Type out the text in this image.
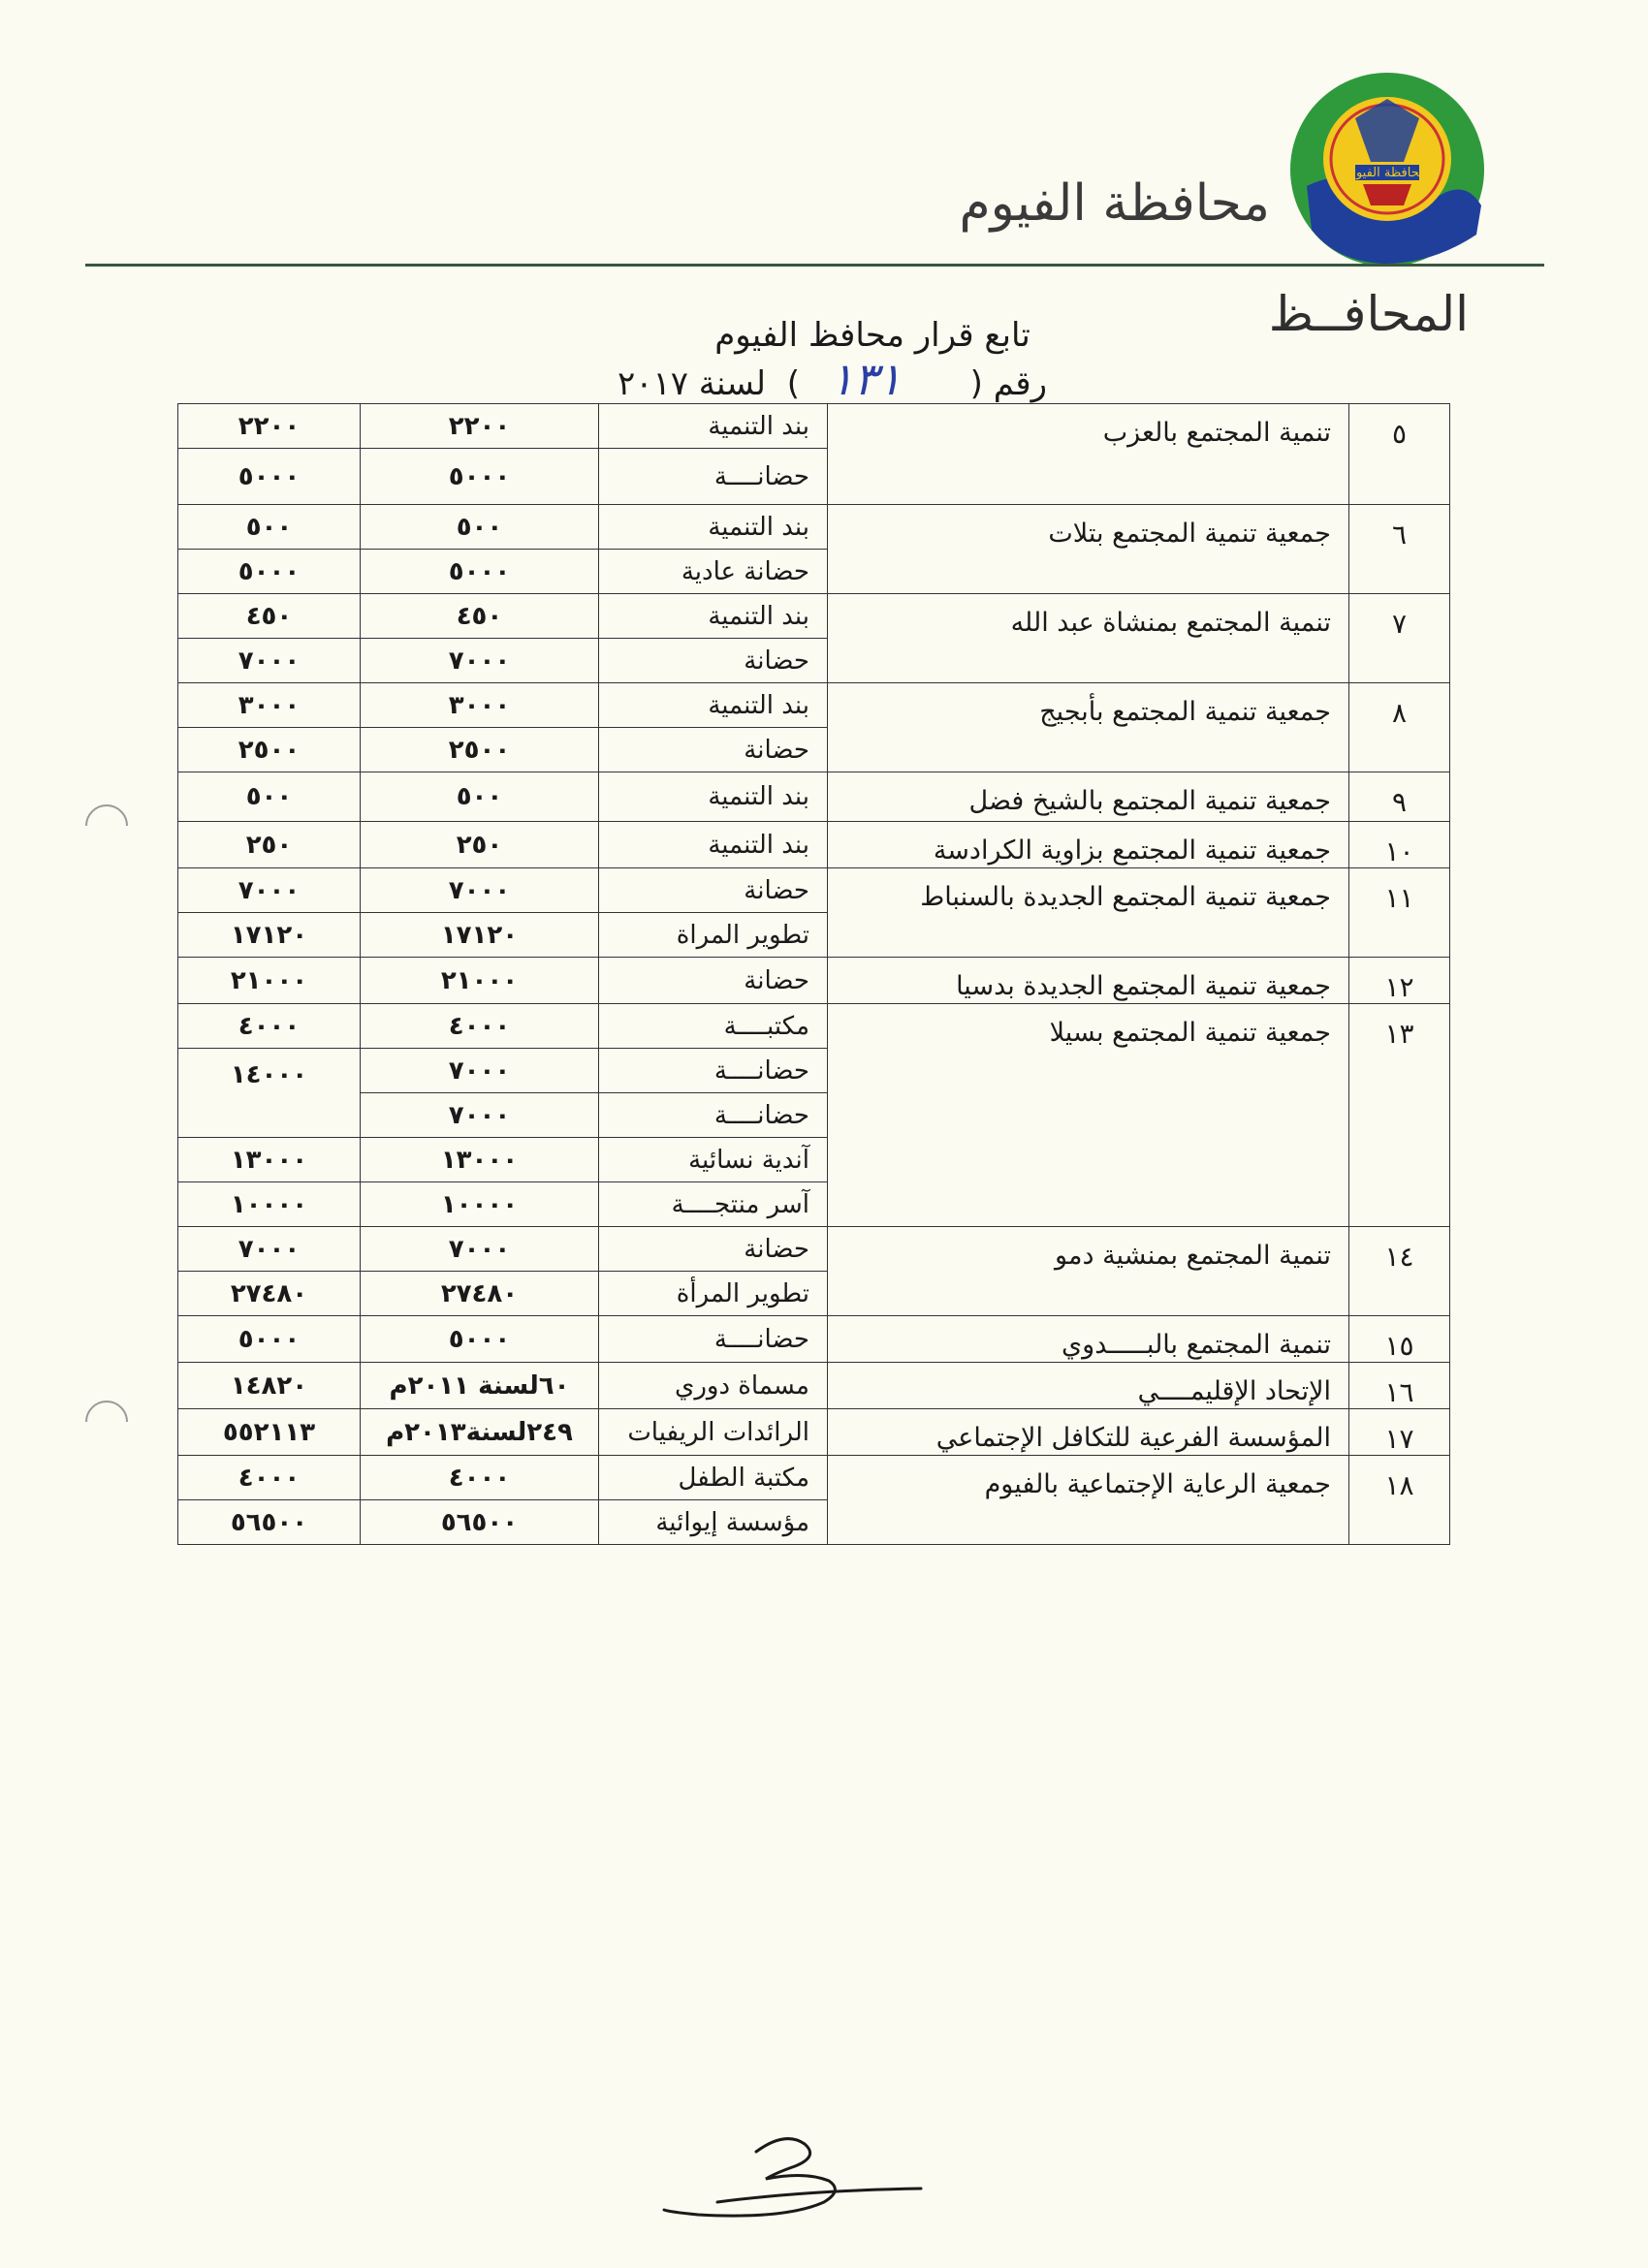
محافظة الفيوم
محافظة الفيوم
المحافــظ
تابع قرار محافظ الفيوم
رقم (
١٣١
)
لسنة ٢٠١٧
٥	تنمية المجتمع بالعزب	بند التنمية	٢٢٠٠	٢٢٠٠
		حضانــــة	٥٠٠٠	٥٠٠٠
٦	جمعية تنمية المجتمع بتلات	بند التنمية	٥٠٠	٥٠٠
		حضانة عادية	٥٠٠٠	٥٠٠٠
٧	تنمية المجتمع بمنشاة عبد الله	بند التنمية	٤٥٠	٤٥٠
		حضانة	٧٠٠٠	٧٠٠٠
٨	جمعية تنمية المجتمع بأبجيج	بند التنمية	٣٠٠٠	٣٠٠٠
		حضانة	٢٥٠٠	٢٥٠٠
٩	جمعية تنمية المجتمع بالشيخ فضل	بند التنمية	٥٠٠	٥٠٠
١٠	جمعية تنمية المجتمع بزاوية الكرادسة	بند التنمية	٢٥٠	٢٥٠
١١	جمعية تنمية المجتمع الجديدة بالسنباط	حضانة	٧٠٠٠	٧٠٠٠
		تطوير المراة	١٧١٢٠	١٧١٢٠
١٢	جمعية تنمية المجتمع الجديدة بدسيا	حضانة	٢١٠٠٠	٢١٠٠٠
١٣	جمعية تنمية المجتمع بسيلا	مكتبــــة	٤٠٠٠	٤٠٠٠
		حضانــــة	٧٠٠٠	١٤٠٠٠
		حضانــــة	٧٠٠٠	
		آندية نسائية	١٣٠٠٠	١٣٠٠٠
		آسر منتجــــة	١٠٠٠٠	١٠٠٠٠
١٤	تنمية المجتمع بمنشية دمو	حضانة	٧٠٠٠	٧٠٠٠
		تطوير المرأة	٢٧٤٨٠	٢٧٤٨٠
١٥	تنمية المجتمع بالبـــــدوي	حضانــــة	٥٠٠٠	٥٠٠٠
١٦	الإتحاد الإقليمــــي	مسماة دوري	٦٠لسنة ٢٠١١م	١٤٨٢٠
١٧	المؤسسة الفرعية للتكافل الإجتماعي	الرائدات الريفيات	٢٤٩لسنة٢٠١٣م	٥٥٢١١٣
١٨	جمعية الرعاية الإجتماعية بالفيوم	مكتبة الطفل	٤٠٠٠	٤٠٠٠
		مؤسسة إيوائية	٥٦٥٠٠	٥٦٥٠٠
